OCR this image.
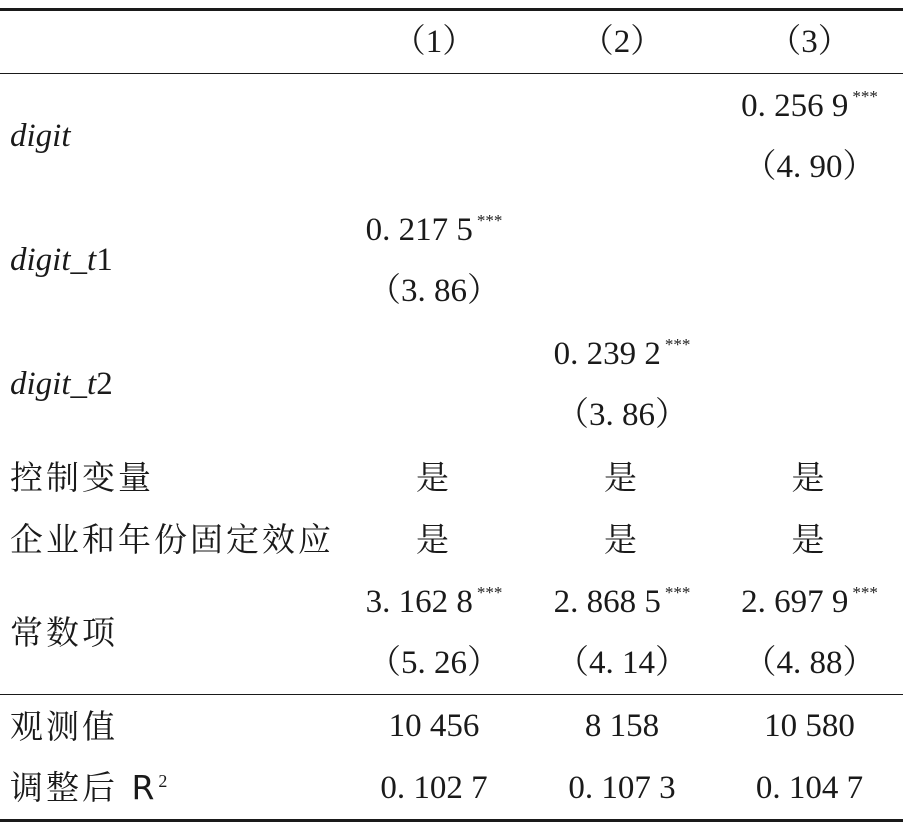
	（1）	（2）	（3）
digit			0. 256 9 ***
			（4. 90）
digit_t1	0. 217 5 ***		
	（3. 86）		
digit_t2		0. 239 2 ***	
		（3. 86）	
控制变量	是	是	是
企业和年份固定效应	是	是	是
常数项	3. 162 8 ***	2. 868 5 ***	2. 697 9 ***
	（5. 26）	（4. 14）	（4. 88）
观测值	10 456	8 158	10 580
调整后 $R^2$	0. 102 7	0. 107 3	0. 104 7
